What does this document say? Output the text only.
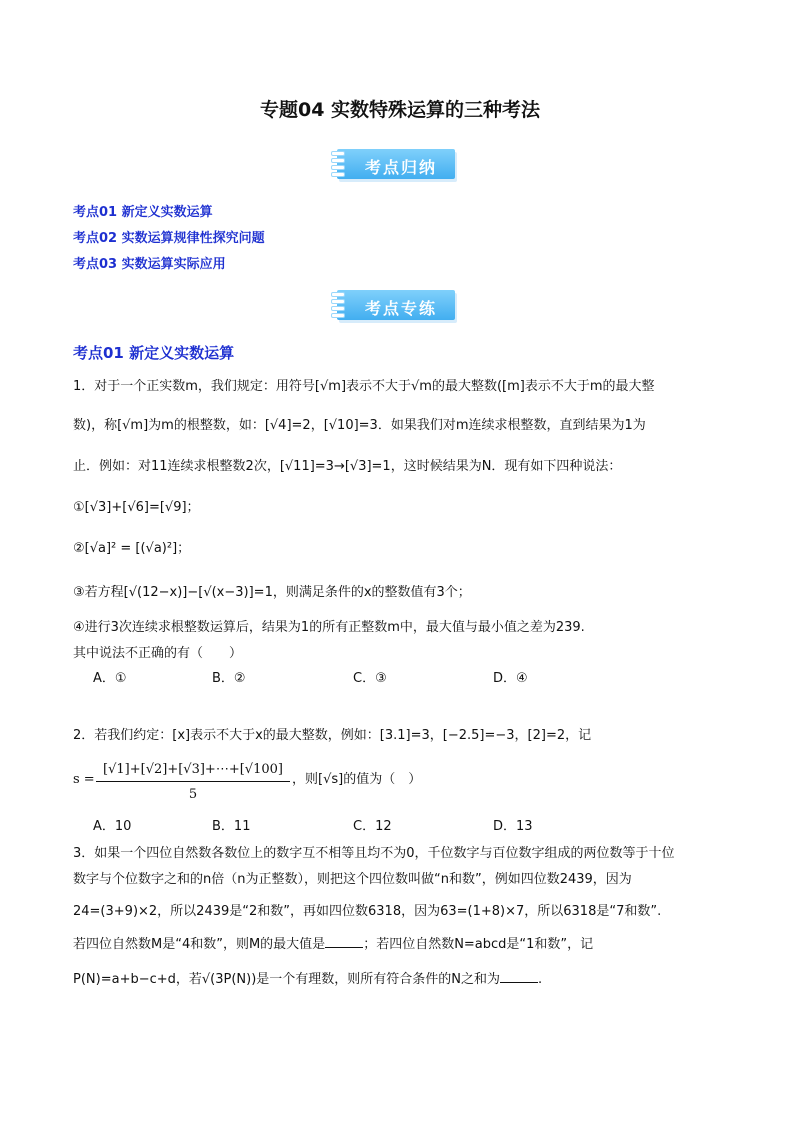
专题04 实数特殊运算的三种考法
考点归纳
考点01 新定义实数运算
考点02 实数运算规律性探究问题
考点03 实数运算实际应用
考点专练
考点01 新定义实数运算
1．对于一个正实数m，我们规定：用符号[√m]表示不大于√m的最大整数([m]表示不大于m的最大整
数)，称[√m]为m的根整数，如：[√4]=2，[√10]=3．如果我们对m连续求根整数，直到结果为1为
止．例如：对11连续求根整数2次，[√11]=3→[√3]=1，这时候结果为N．现有如下四种说法：
①[√3]+[√6]=[√9]；
②[√a]² = [(√a)²]；
③若方程[√(12−x)]−[√(x−3)]=1，则满足条件的x的整数值有3个；
④进行3次连续求根整数运算后，结果为1的所有正整数m中，最大值与最小值之差为239.
其中说法不正确的有（　　）
A．①	B．②	C．③	D．④
2．若我们约定：[x]表示不大于x的最大整数，例如：[3.1]=3，[−2.5]=−3，[2]=2，记
s =
[√1]+[√2]+[√3]+⋯+[√100]
5
，则[√s]的值为（　）
A．10	B．11	C．12	D．13
3．如果一个四位自然数各数位上的数字互不相等且均不为0，千位数字与百位数字组成的两位数等于十位
数字与个位数字之和的n倍（n为正整数），则把这个四位数叫做“n和数”，例如四位数2439，因为
24=(3+9)×2，所以2439是“2和数”，再如四位数6318，因为63=(1+8)×7，所以6318是“7和数”.
若四位自然数M是“4和数”，则M的最大值是	；若四位自然数N=abcd是“1和数”，记
P(N)=a+b−c+d，若√(3P(N))是一个有理数，则所有符合条件的N之和为	.
